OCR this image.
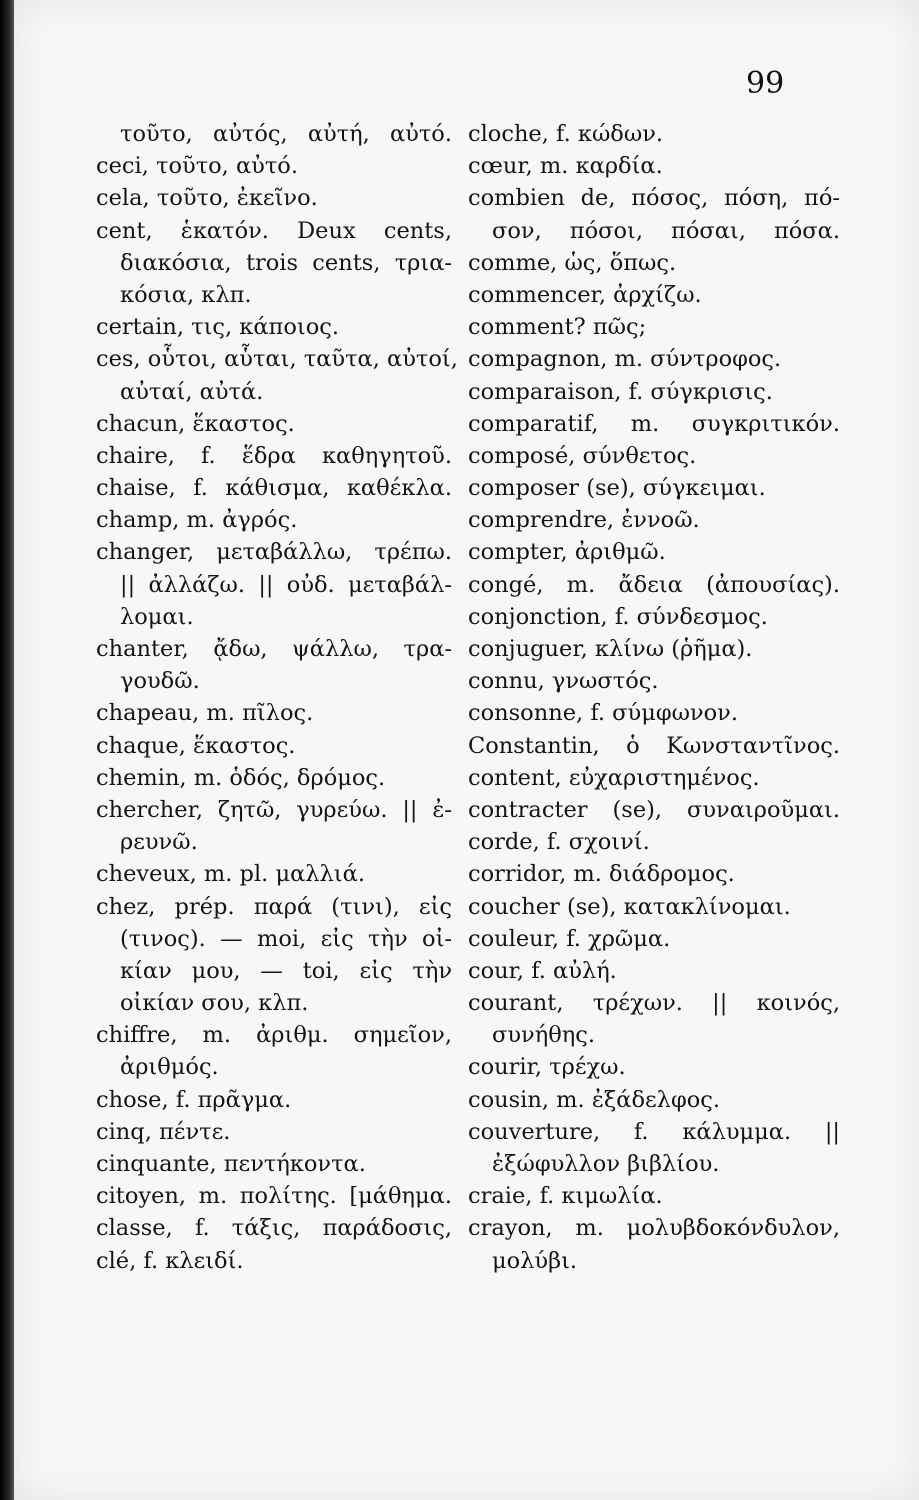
99
τοῦτο, αὐτός, αὐτή, αὐτό.
ceci, τοῦτο, αὐτό.
cela, τοῦτο, ἐκεῖνο.
cent, ἑκατόν. Deux cents,
διακόσια, trois cents, τρια-
κόσια, κλπ.
certain, τις, κάποιος.
ces, οὗτοι, αὗται, ταῦτα, αὐτοί,
αὐταί, αὐτά.
chacun, ἕκαστος.
chaire, f. ἕδρα καθηγητοῦ.
chaise, f. κάθισμα, καθέκλα.
champ, m. ἀγρός.
changer, μεταβάλλω, τρέπω.
|| ἀλλάζω. || οὐδ. μεταβάλ-
λομαι.
chanter, ᾄδω, ψάλλω, τρα-
γουδῶ.
chapeau, m. πῖλος.
chaque, ἕκαστος.
chemin, m. ὁδός, δρόμος.
chercher, ζητῶ, γυρεύω. || ἐ-
ρευνῶ.
cheveux, m. pl. μαλλιά.
chez, prép. παρά (τινι), εἰς
(τινος). — moi, εἰς τὴν οἰ-
κίαν μου, — toi, εἰς τὴν
οἰκίαν σου, κλπ.
chiffre, m. ἀριθμ. σημεῖον,
ἀριθμός.
chose, f. πρᾶγμα.
cinq, πέντε.
cinquante, πεντήκοντα.
citoyen, m. πολίτης. [μάθημα.
classe, f. τάξις, παράδοσις,
clé, f. κλειδί.
cloche, f. κώδων.
cœur, m. καρδία.
combien de, πόσος, πόση, πό-
σον, πόσοι, πόσαι, πόσα.
comme, ὡς, ὅπως.
commencer, ἀρχίζω.
comment? πῶς;
compagnon, m. σύντροφος.
comparaison, f. σύγκρισις.
comparatif, m. συγκριτικόν.
composé, σύνθετος.
composer (se), σύγκειμαι.
comprendre, ἐννοῶ.
compter, ἀριθμῶ.
congé, m. ἄδεια (ἀπουσίας).
conjonction, f. σύνδεσμος.
conjuguer, κλίνω (ῥῆμα).
connu, γνωστός.
consonne, f. σύμφωνον.
Constantin, ὁ Κωνσταντῖνος.
content, εὐχαριστημένος.
contracter (se), συναιροῦμαι.
corde, f. σχοινί.
corridor, m. διάδρομος.
coucher (se), κατακλίνομαι.
couleur, f. χρῶμα.
cour, f. αὐλή.
courant, τρέχων. || κοινός,
συνήθης.
courir, τρέχω.
cousin, m. ἐξάδελφος.
couverture, f. κάλυμμα. ||
ἐξώφυλλον βιβλίου.
craie, f. κιμωλία.
crayon, m. μολυβδοκόνδυλον,
μολύβι.
